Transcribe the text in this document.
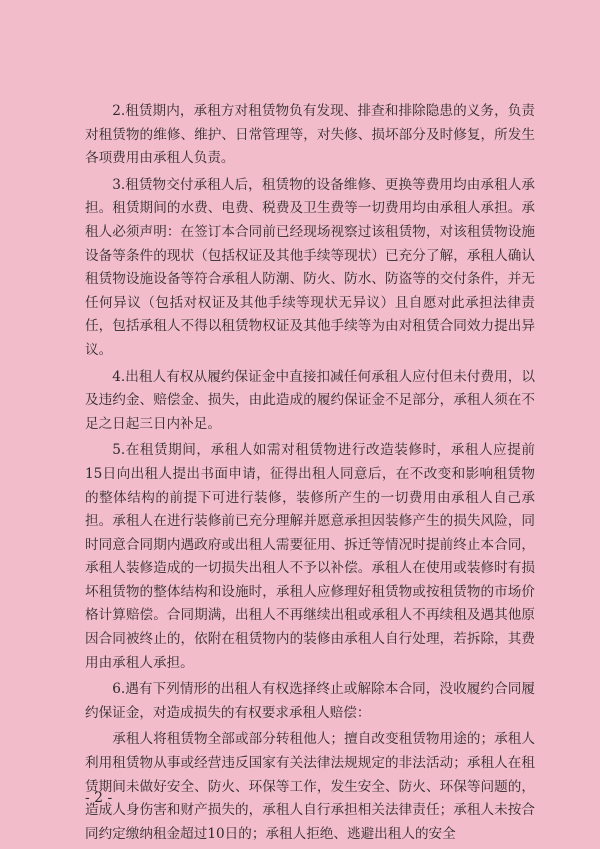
2.租赁期内，承租方对租赁物负有发现、排查和排除隐患的义务，负责对租赁物的维修、维护、日常管理等，对失修、损坏部分及时修复，所发生各项费用由承租人负责。

3.租赁物交付承租人后，租赁物的设备维修、更换等费用均由承租人承担。租赁期间的水费、电费、税费及卫生费等一切费用均由承租人承担。承租人必须声明：在签订本合同前已经现场视察过该租赁物，对该租赁物设施设备等条件的现状（包括权证及其他手续等现状）已充分了解，承租人确认租赁物设施设备等符合承租人防潮、防火、防水、防盗等的交付条件，并无任何异议（包括对权证及其他手续等现状无异议）且自愿对此承担法律责任，包括承租人不得以租赁物权证及其他手续等为由对租赁合同效力提出异议。

4.出租人有权从履约保证金中直接扣减任何承租人应付但未付费用，以及违约金、赔偿金、损失，由此造成的履约保证金不足部分，承租人须在不足之日起三日内补足。

5.在租赁期间，承租人如需对租赁物进行改造装修时，承租人应提前15日向出租人提出书面申请，征得出租人同意后，在不改变和影响租赁物的整体结构的前提下可进行装修，装修所产生的一切费用由承租人自己承担。承租人在进行装修前已充分理解并愿意承担因装修产生的损失风险，同时同意合同期内遇政府或出租人需要征用、拆迁等情况时提前终止本合同，承租人装修造成的一切损失出租人不予以补偿。承租人在使用或装修时有损坏租赁物的整体结构和设施时，承租人应修理好租赁物或按租赁物的市场价格计算赔偿。合同期满，出租人不再继续出租或承租人不再续租及遇其他原因合同被终止的，依附在租赁物内的装修由承租人自行处理，若拆除，其费用由承租人承担。

6.遇有下列情形的出租人有权选择终止或解除本合同，没收履约合同履约保证金，对造成损失的有权要求承租人赔偿：

承租人将租赁物全部或部分转租他人；擅自改变租赁物用途的；承租人利用租赁物从事或经营违反国家有关法律法规规定的非法活动；承租人在租赁期间未做好安全、防火、环保等工作，发生安全、防火、环保等问题的，造成人身伤害和财产损失的，承租人自行承担相关法律责任；承租人未按合同约定缴纳租金超过10日的；承租人拒绝、逃避出租人的安全

- 2 -
